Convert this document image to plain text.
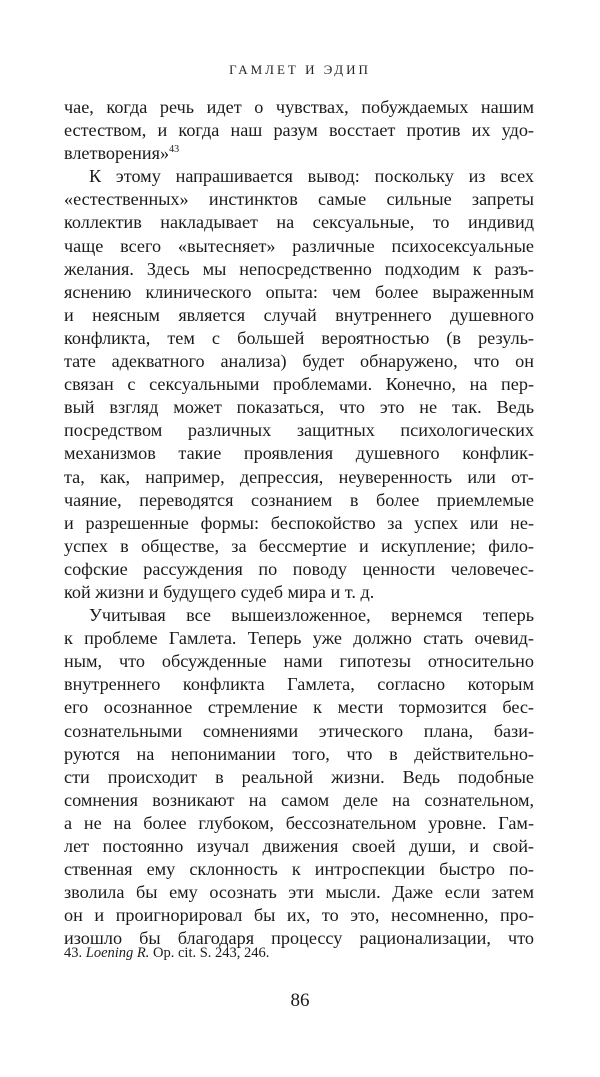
ГАМЛЕТ И ЭДИП
чае, когда речь идет о чувствах, побуждаемых нашим
естеством, и когда наш разум восстает против их удо-
влетворения»$^{43}$
К этому напрашивается вывод: поскольку из всех
«естественных» инстинктов самые сильные запреты
коллектив накладывает на сексуальные, то индивид
чаще всего «вытесняет» различные психосексуальные
желания. Здесь мы непосредственно подходим к разъ-
яснению клинического опыта: чем более выраженным
и неясным является случай внутреннего душевного
конфликта, тем с большей вероятностью (в резуль-
тате адекватного анализа) будет обнаружено, что он
связан с сексуальными проблемами. Конечно, на пер-
вый взгляд может показаться, что это не так. Ведь
посредством различных защитных психологических
механизмов такие проявления душевного конфлик-
та, как, например, депрессия, неуверенность или от-
чаяние, переводятся сознанием в более приемлемые
и разрешенные формы: беспокойство за успех или не-
успех в обществе, за бессмертие и искупление; фило-
софские рассуждения по поводу ценности человечес-
кой жизни и будущего судеб мира и т. д.
Учитывая все вышеизложенное, вернемся теперь
к проблеме Гамлета. Теперь уже должно стать очевид-
ным, что обсужденные нами гипотезы относительно
внутреннего конфликта Гамлета, согласно которым
его осознанное стремление к мести тормозится бес-
сознательными сомнениями этического плана, бази-
руются на непонимании того, что в действительно-
сти происходит в реальной жизни. Ведь подобные
сомнения возникают на самом деле на сознательном,
а не на более глубоком, бессознательном уровне. Гам-
лет постоянно изучал движения своей души, и свой-
ственная ему склонность к интроспекции быстро по-
зволила бы ему осознать эти мысли. Даже если затем
он и проигнорировал бы их, то это, несомненно, про-
изошло бы благодаря процессу рационализации, что
43. Loening R. Op. cit. S. 243, 246.
86
